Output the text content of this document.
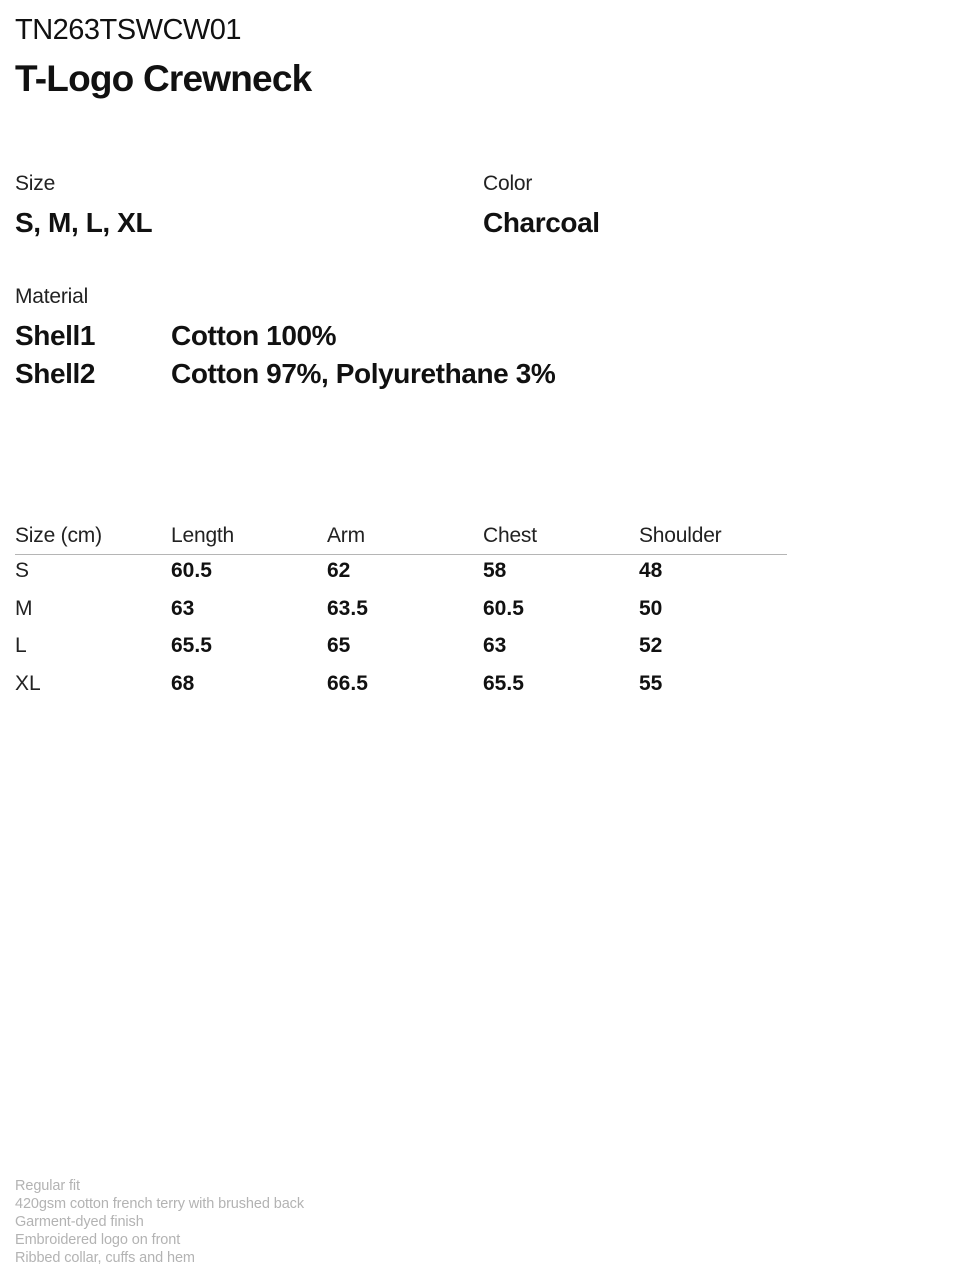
TN263TSWCW01
T-Logo Crewneck
Size
S, M, L, XL
Color
Charcoal
Material
Shell1	Cotton 100%
Shell2	Cotton 97%, Polyurethane 3%
Size (cm)	Length	Arm	Chest	Shoulder
S	60.5	62	58	48
M	63	63.5	60.5	50
L	65.5	65	63	52
XL	68	66.5	65.5	55
Regular fit
420gsm cotton french terry with brushed back
Garment-dyed finish
Embroidered logo on front
Ribbed collar, cuffs and hem
